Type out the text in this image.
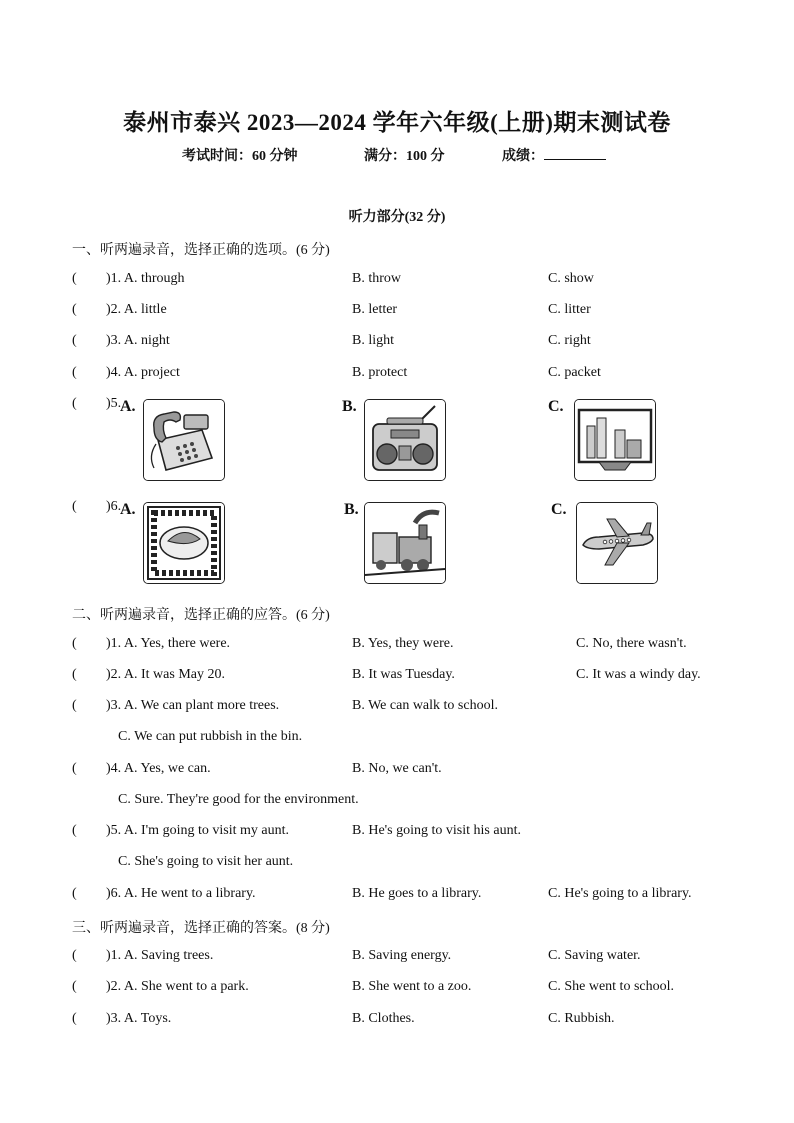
泰州市泰兴 2023—2024 学年六年级(上册)期末测试卷
考试时间：60 分钟	满分：100 分	成绩：
听力部分(32 分)
一、听两遍录音，选择正确的选项。(6 分)
( )1. A. through	B. throw	C. show
( )2. A. little	B. letter	C. litter
( )3. A. night	B. light	C. right
( )4. A. project	B. protect	C. packet
( )5.
A.	B.	C.
( )6.
A.	B.	C.
二、听两遍录音，选择正确的应答。(6 分)
( )1. A. Yes, there were.	B. Yes, they were.	C. No, there wasn't.
( )2. A. It was May 20.	B. It was Tuesday.	C. It was a windy day.
( )3. A. We can plant more trees.	B. We can walk to school.
C. We can put rubbish in the bin.
( )4. A. Yes, we can.	B. No, we can't.
C. Sure. They're good for the environment.
( )5. A. I'm going to visit my aunt.	B. He's going to visit his aunt.
C. She's going to visit her aunt.
( )6. A. He went to a library.	B. He goes to a library.	C. He's going to a library.
三、听两遍录音，选择正确的答案。(8 分)
( )1. A. Saving trees.	B. Saving energy.	C. Saving water.
( )2. A. She went to a park.	B. She went to a zoo.	C. She went to school.
( )3. A. Toys.	B. Clothes.	C. Rubbish.
